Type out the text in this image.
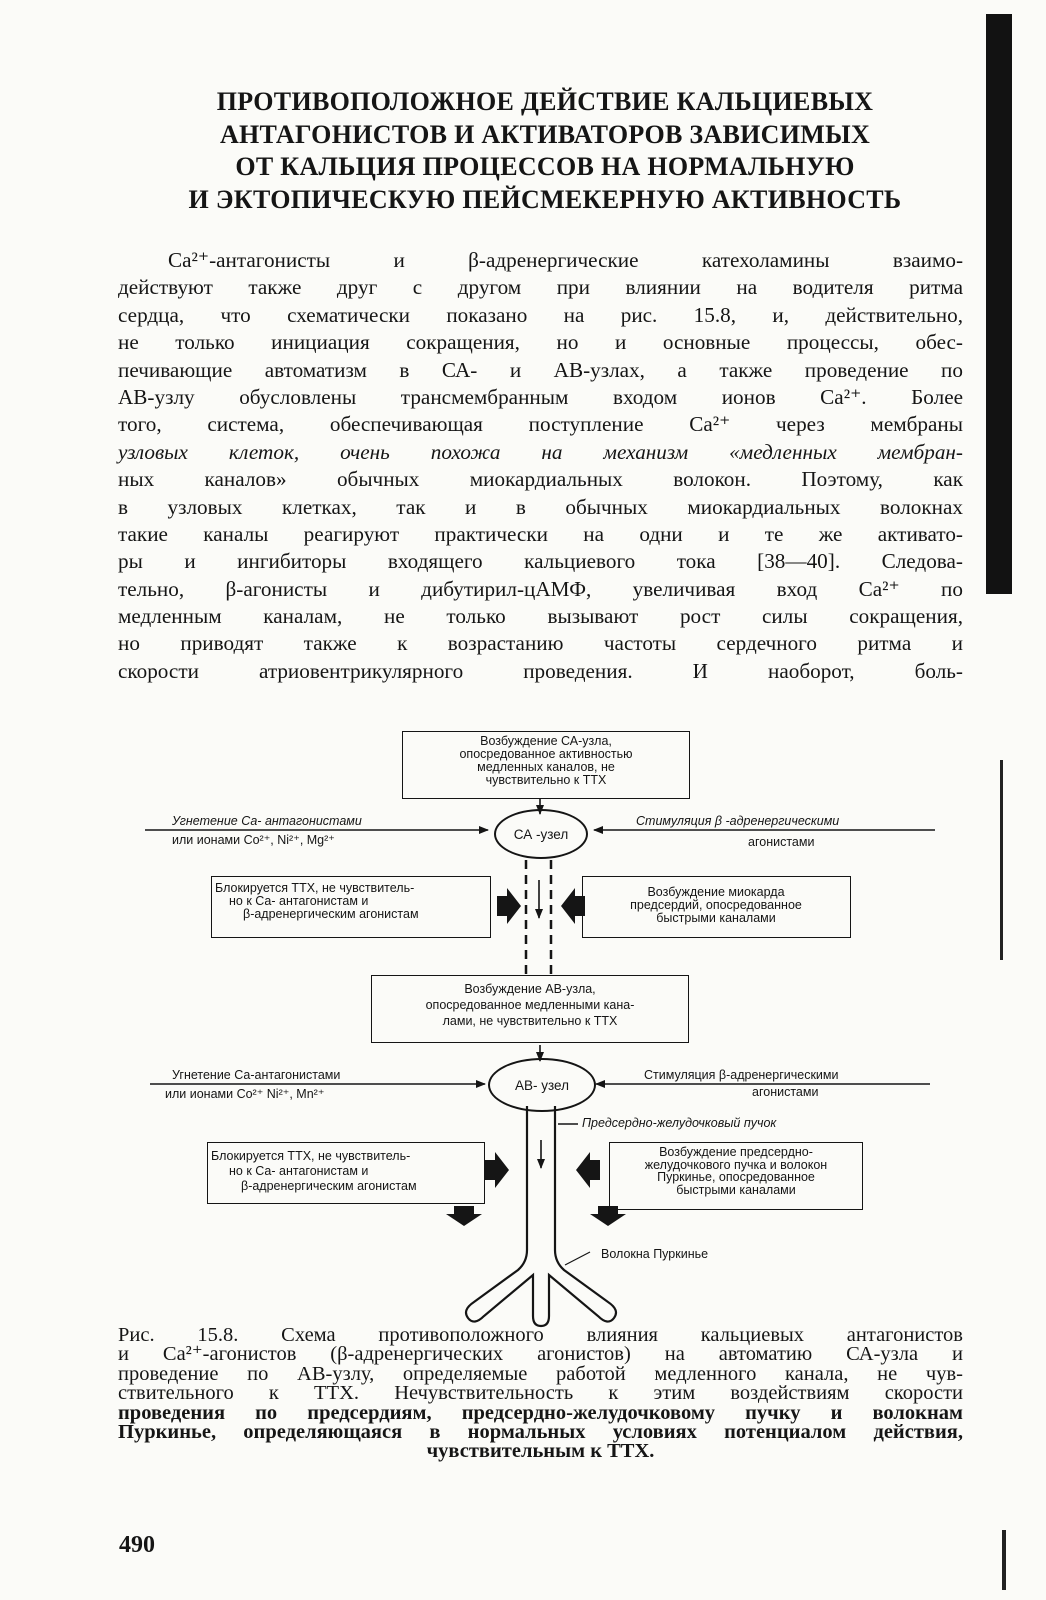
ПРОТИВОПОЛОЖНОЕ ДЕЙСТВИЕ КАЛЬЦИЕВЫХ
АНТАГОНИСТОВ И АКТИВАТОРОВ ЗАВИСИМЫХ
ОТ КАЛЬЦИЯ ПРОЦЕССОВ НА НОРМАЛЬНУЮ
И ЭКТОПИЧЕСКУЮ ПЕЙСМЕКЕРНУЮ АКТИВНОСТЬ
Са²⁺-антагонисты и β-адренергические катехоламины взаимо-
действуют также друг с другом при влиянии на водителя ритма
сердца, что схематически показано на рис. 15.8, и, действительно,
не только инициация сокращения, но и основные процессы, обес-
печивающие автоматизм в СА- и АВ-узлах, а также проведение по
АВ-узлу обусловлены трансмембранным входом ионов Са²⁺. Более
того, система, обеспечивающая поступление Са²⁺ через мембраны
узловых клеток, очень похожа на механизм «медленных мембран-
ных каналов» обычных миокардиальных волокон. Поэтому, как
в узловых клетках, так и в обычных миокардиальных волокнах
такие каналы реагируют практически на одни и те же активато-
ры и ингибиторы входящего кальциевого тока [38—40]. Следова-
тельно, β-агонисты и дибутирил-цАМФ, увеличивая вход Са²⁺ по
медленным каналам, не только вызывают рост силы сокращения,
но приводят также к возрастанию частоты сердечного ритма и
скорости атриовентрикулярного проведения. И наоборот, боль-
Возбуждение СА-узла,
опосредованное активностью
медленных каналов, не
чувствительно к ТТХ
Угнетение Са- антагонистами
или ионами Co²⁺, Ni²⁺, Mg²⁺	СА -узел
Стимуляция β -адренергическими
агонистами
Блокируется ТТХ, не чувствитель-
но к Са- антагонистам и
β-адренергическим агонистам
Возбуждение миокарда
предсердий, опосредованное
быстрыми каналами
Возбуждение АВ-узла,
опосредованное медленными кана-
лами, не чувствительно к ТТХ
Угнетение Са-антагонистами
или ионами Co²⁺ Ni²⁺, Mn²⁺
АВ- узел
Стимуляция β-адренергическими
агонистами
Предсердно-желудочковый пучок
Блокируется ТТХ, не чувствитель-
но к Са- антагонистам и
β-адренергическим агонистам
Возбуждение предсердно-
желудочкового пучка и волокон
Пуркинье, опосредованное
быстрыми каналами
Волокна Пуркинье
Рис. 15.8. Схема противоположного влияния кальциевых антагонистов
и Са²⁺-агонистов (β-адренергических агонистов) на автоматию СА-узла и
проведение по АВ-узлу, определяемые работой медленного канала, не чув-
ствительного к ТТХ. Нечувствительность к этим воздействиям скорости
проведения по предсердиям, предсердно-желудочковому пучку и волокнам
Пуркинье, определяющаяся в нормальных условиях потенциалом действия,
чувствительным к ТТХ.
490
